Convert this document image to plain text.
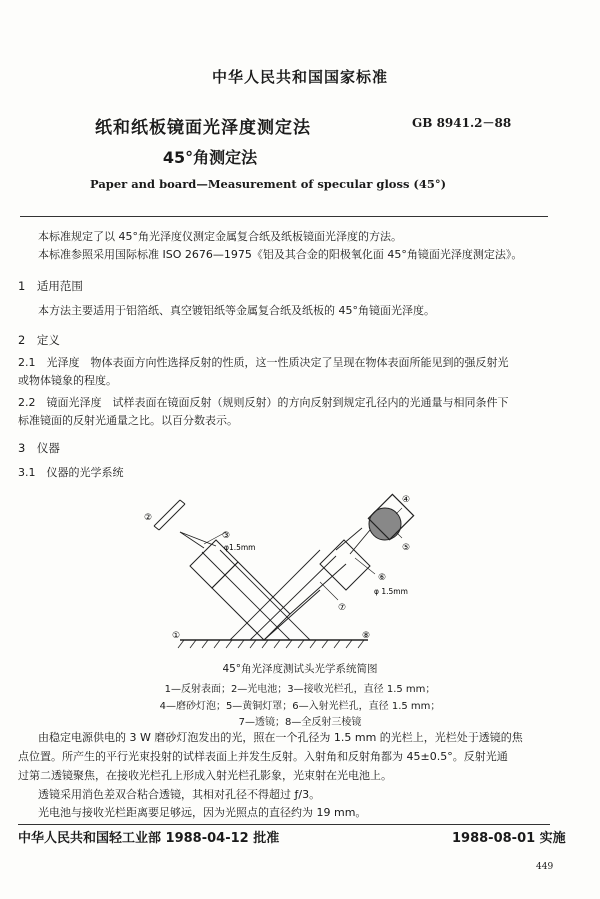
中华人民共和国国家标准
纸和纸板镜面光泽度测定法	GB 8941.2－88
45°角测定法
Paper and board—Measurement of specular gloss (45°)
本标准规定了以 45°角光泽度仪测定金属复合纸及纸板镜面光泽度的方法。
本标准参照采用国际标准 ISO 2676—1975《铝及其合金的阳极氧化面 45°角镜面光泽度测定法》。
1　适用范围
本方法主要适用于铝箔纸、真空镀铝纸等金属复合纸及纸板的 45°角镜面光泽度。
2　定义
2.1　光泽度　物体表面方向性选择反射的性质，这一性质决定了呈现在物体表面所能见到的强反射光
或物体镜象的程度。
2.2　镜面光泽度　试样表面在镜面反射（规则反射）的方向反射到规定孔径内的光通量与相同条件下
标准镜面的反射光通量之比。以百分数表示。
3　仪器
3.1　仪器的光学系统
①
②
③
④
⑤
⑥
⑦
⑧
φ1.5mm
φ 1.5mm
45°角光泽度测试头光学系统简图
1—反射表面；2—光电池；3—接收光栏孔，直径 1.5 mm；
4—磨砂灯泡；5—黄铜灯罩；6—入射光栏孔，直径 1.5 mm；
7—透镜；8—全反射三棱镜
由稳定电源供电的 3 W 磨砂灯泡发出的光，照在一个孔径为 1.5 mm 的光栏上，光栏处于透镜的焦
点位置。所产生的平行光束投射的试样表面上并发生反射。入射角和反射角都为 45±0.5°。反射光通
过第二透镜聚焦，在接收光栏孔上形成入射光栏孔影象，光束射在光电池上。
透镜采用消色差双合粘合透镜，其相对孔径不得超过 ƒ/3。
光电池与接收光栏距离要足够远，因为光照点的直径约为 19 mm。
中华人民共和国轻工业部 1988-04-12 批准	1988-08-01 实施
449
